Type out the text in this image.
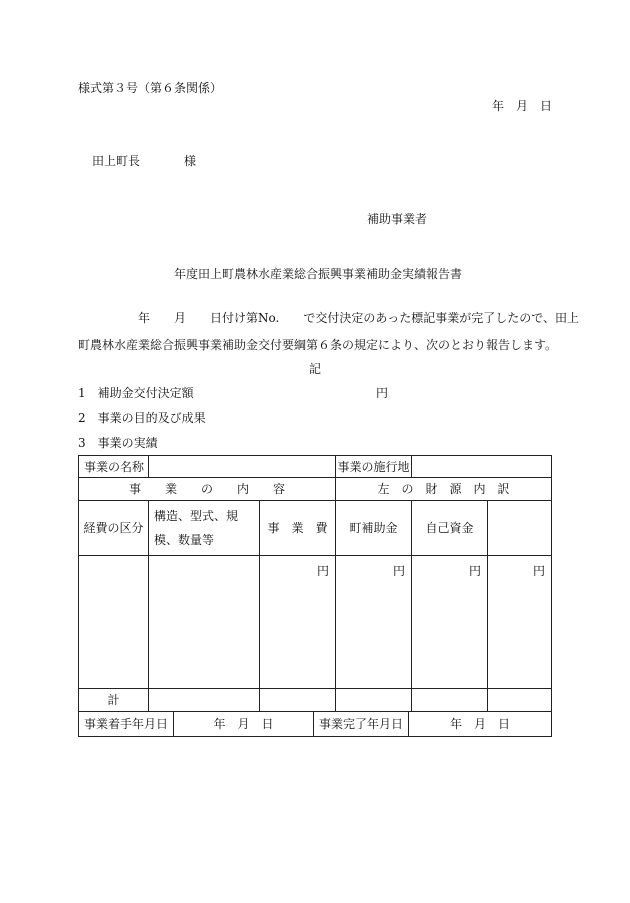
様式第３号（第６条関係）
年　月　日
田上町長	様
補助事業者
年度田上町農林水産業総合振興事業補助金実績報告書
年　　月　　日付け第No.　　で交付決定のあった標記事業が完了したので、田上
町農林水産業総合振興事業補助金交付要綱第６条の規定により、次のとおり報告します。
記
1　補助金交付決定額	円
2　事業の目的及び成果
3　事業の実績
事業の名称			事業の施行地		
事　　業　　の　　内　　容			左　の　財　源　内　訳		
経費の区分	構造、型式、規模、数量等	事　業　費	町補助金	自己資金	
		円	円	円	円
計					

事業着手年月日 年　月　日 事業完了年月日 年　月　日					
